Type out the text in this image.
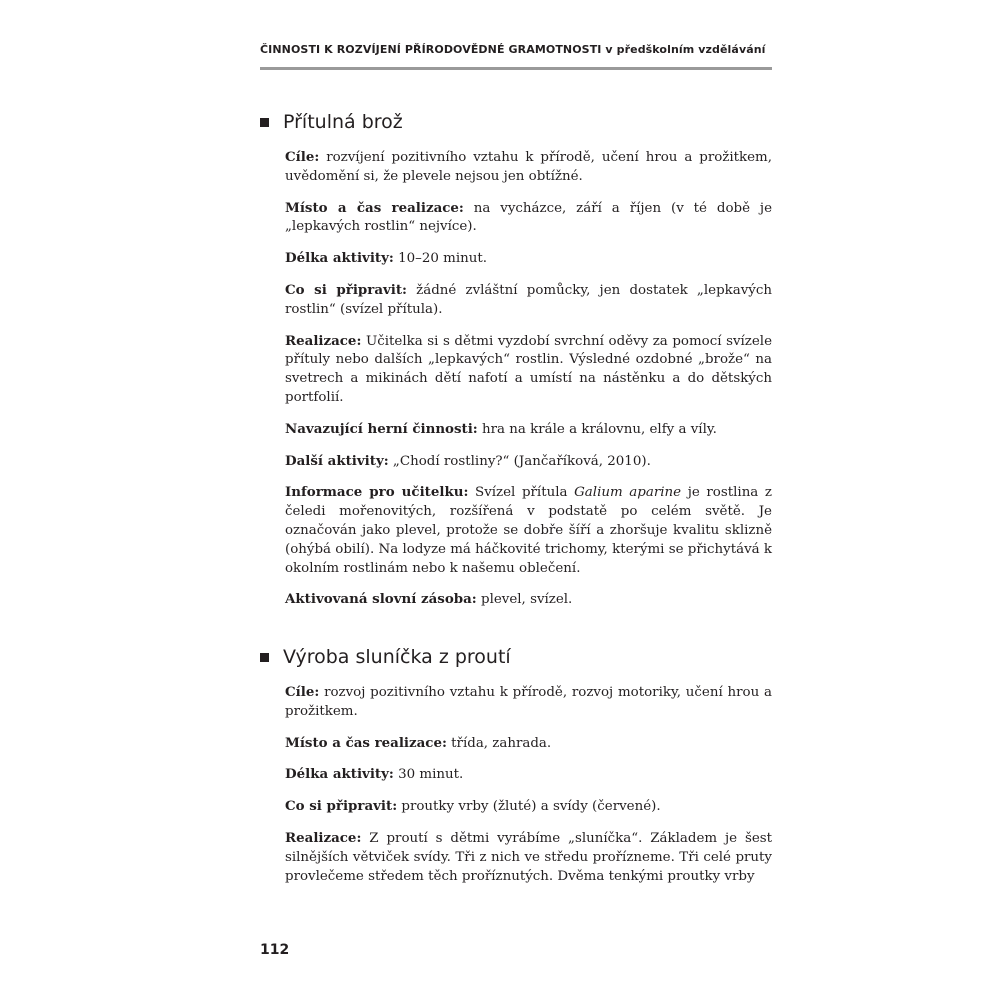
ČINNOSTI K ROZVÍJENÍ PŘÍRODOVĚDNÉ GRAMOTNOSTI v předškolním vzdělávání
Přítulná brož

Cíle: rozvíjení pozitivního vztahu k přírodě, učení hrou a prožitkem, uvědomění si, že plevele nejsou jen obtížné.

Místo a čas realizace: na vycházce, září a říjen (v té době je „lepkavých rostlin“ nejvíce).

Délka aktivity: 10–20 minut.

Co si připravit: žádné zvláštní pomůcky, jen dostatek „lepkavých rostlin“ (svízel přítula).

Realizace: Učitelka si s dětmi vyzdobí svrchní oděvy za pomocí svízele přítuly nebo dalších „lepkavých“ rostlin. Výsledné ozdobné „brože“ na svetrech a mikinách dětí nafotí a umístí na nástěnku a do dětských portfolií.

Navazující herní činnosti: hra na krále a královnu, elfy a víly.

Další aktivity: „Chodí rostliny?“ (Jančaříková, 2010).

Informace pro učitelku: Svízel přítula Galium aparine je rostlina z čeledi mořenovitých, rozšířená v podstatě po celém světě. Je označován jako plevel, protože se dobře šíří a zhoršuje kvalitu sklizně (ohýbá obilí). Na lodyze má háčkovité trichomy, kterými se přichytává k okolním rostlinám nebo k našemu oblečení.

Aktivovaná slovní zásoba: plevel, svízel.

Výroba sluníčka z proutí

Cíle: rozvoj pozitivního vztahu k přírodě, rozvoj motoriky, učení hrou a prožitkem.

Místo a čas realizace: třída, zahrada.

Délka aktivity: 30 minut.

Co si připravit: proutky vrby (žluté) a svídy (červené).

Realizace: Z proutí s dětmi vyrábíme „sluníčka“. Základem je šest silnějších větviček svídy. Tři z nich ve středu prořízneme. Tři celé pruty provlečeme středem těch proříznutých. Dvěma tenkými proutky vrby

112
